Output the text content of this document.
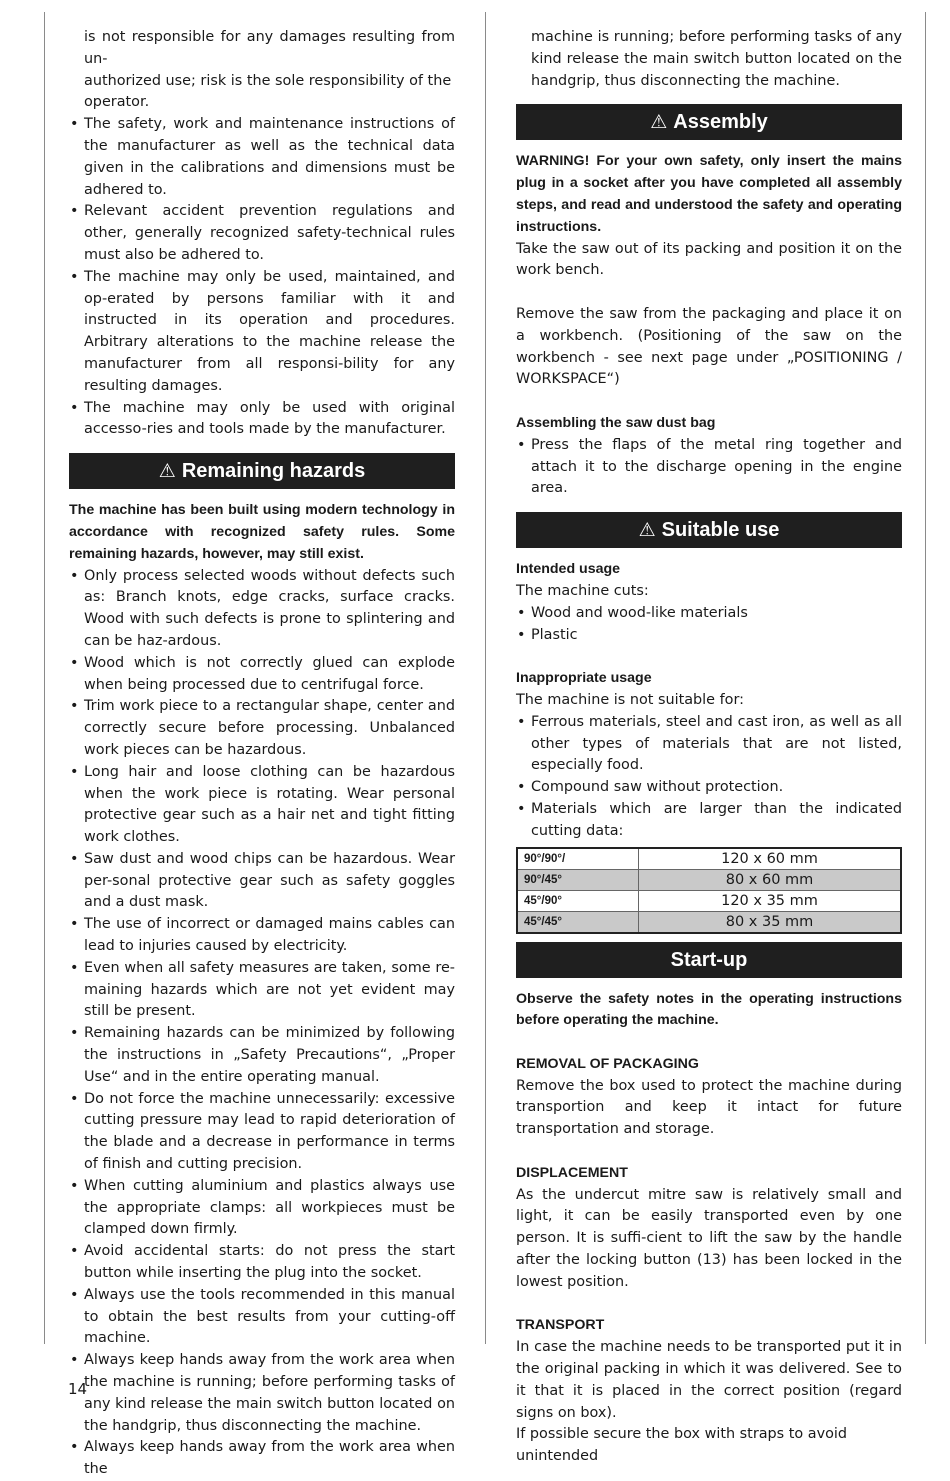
is not responsible for any damages resulting from un-

authorized use; risk is the sole responsibility of the

operator.

• The safety, work and maintenance instructions of the manufacturer as well as the technical data given in the calibrations and dimensions must be adhered to.
• Relevant accident prevention regulations and other, generally recognized safety-technical rules must also be adhered to.
• The machine may only be used, maintained, and op-erated by persons familiar with it and instructed in its operation and procedures. Arbitrary alterations to the machine release the manufacturer from all responsi-bility for any resulting damages.
• The machine may only be used with original accesso-ries and tools made by the manufacturer.
⚠ Remaining hazards

The machine has been built using modern technology in accordance with recognized safety rules. Some remaining hazards, however, may still exist.

• Only process selected woods without defects such as: Branch knots, edge cracks, surface cracks. Wood with such defects is prone to splintering and can be haz-ardous.
• Wood which is not correctly glued can explode when being processed due to centrifugal force.
• Trim work piece to a rectangular shape, center and correctly secure before processing. Unbalanced work pieces can be hazardous.
• Long hair and loose clothing can be hazardous when the work piece is rotating. Wear personal protective gear such as a hair net and tight fitting work clothes.
• Saw dust and wood chips can be hazardous. Wear per-sonal protective gear such as safety goggles and a dust mask.
• The use of incorrect or damaged mains cables can lead to injuries caused by electricity.
• Even when all safety measures are taken, some re-maining hazards which are not yet evident may still be present.
• Remaining hazards can be minimized by following the instructions in „Safety Precautions“, „Proper Use“ and in the entire operating manual.
• Do not force the machine unnecessarily: excessive cutting pressure may lead to rapid deterioration of the blade and a decrease in performance in terms of finish and cutting precision.
• When cutting aluminium and plastics always use the appropriate clamps: all workpieces must be clamped down firmly.
• Avoid accidental starts: do not press the start button while inserting the plug into the socket.
• Always use the tools recommended in this manual to obtain the best results from your cutting-off machine.
• Always keep hands away from the work area when the machine is running; before performing tasks of any kind release the main switch button located on the handgrip, thus disconnecting the machine.
• Always keep hands away from the work area when the

machine is running; before performing tasks of any kind release the main switch button located on the handgrip, thus disconnecting the machine.

⚠ Assembly

WARNING! For your own safety, only insert the mains plug in a socket after you have completed all assembly steps, and read and understood the safety and operating instructions.

Take the saw out of its packing and position it on the work bench.

Remove the saw from the packaging and place it on a workbench. (Positioning of the saw on the workbench - see next page under „POSITIONING / WORKSPACE“)

Assembling the saw dust bag

• Press the flaps of the metal ring together and attach it to the discharge opening in the engine area.
⚠ Suitable use

Intended usage

The machine cuts:

• Wood and wood-like materials
• Plastic

Inappropriate usage

The machine is not suitable for:

• Ferrous materials, steel and cast iron, as well as all other types of materials that are not listed, especially food.
• Compound saw without protection.
• Materials which are larger than the indicated cutting data:
90°/90°/	120 x 60 mm
90°/45°	80 x 60 mm
45°/90°	120 x 35 mm
45°/45°	80 x 35 mm
Start-up

Observe the safety notes in the operating instructions before operating the machine.

REMOVAL OF PACKAGING

Remove the box used to protect the machine during transportion and keep it intact for future transportation and storage.

DISPLACEMENT

As the undercut mitre saw is relatively small and light, it can be easily transported even by one person. It is suffi-cient to lift the saw by the handle after the locking button (13) has been locked in the lowest position.

TRANSPORT

In case the machine needs to be transported put it in the original packing in which it was delivered. See to it that it is placed in the correct position (regard signs on box).

If possible secure the box with straps to avoid unintended

14
